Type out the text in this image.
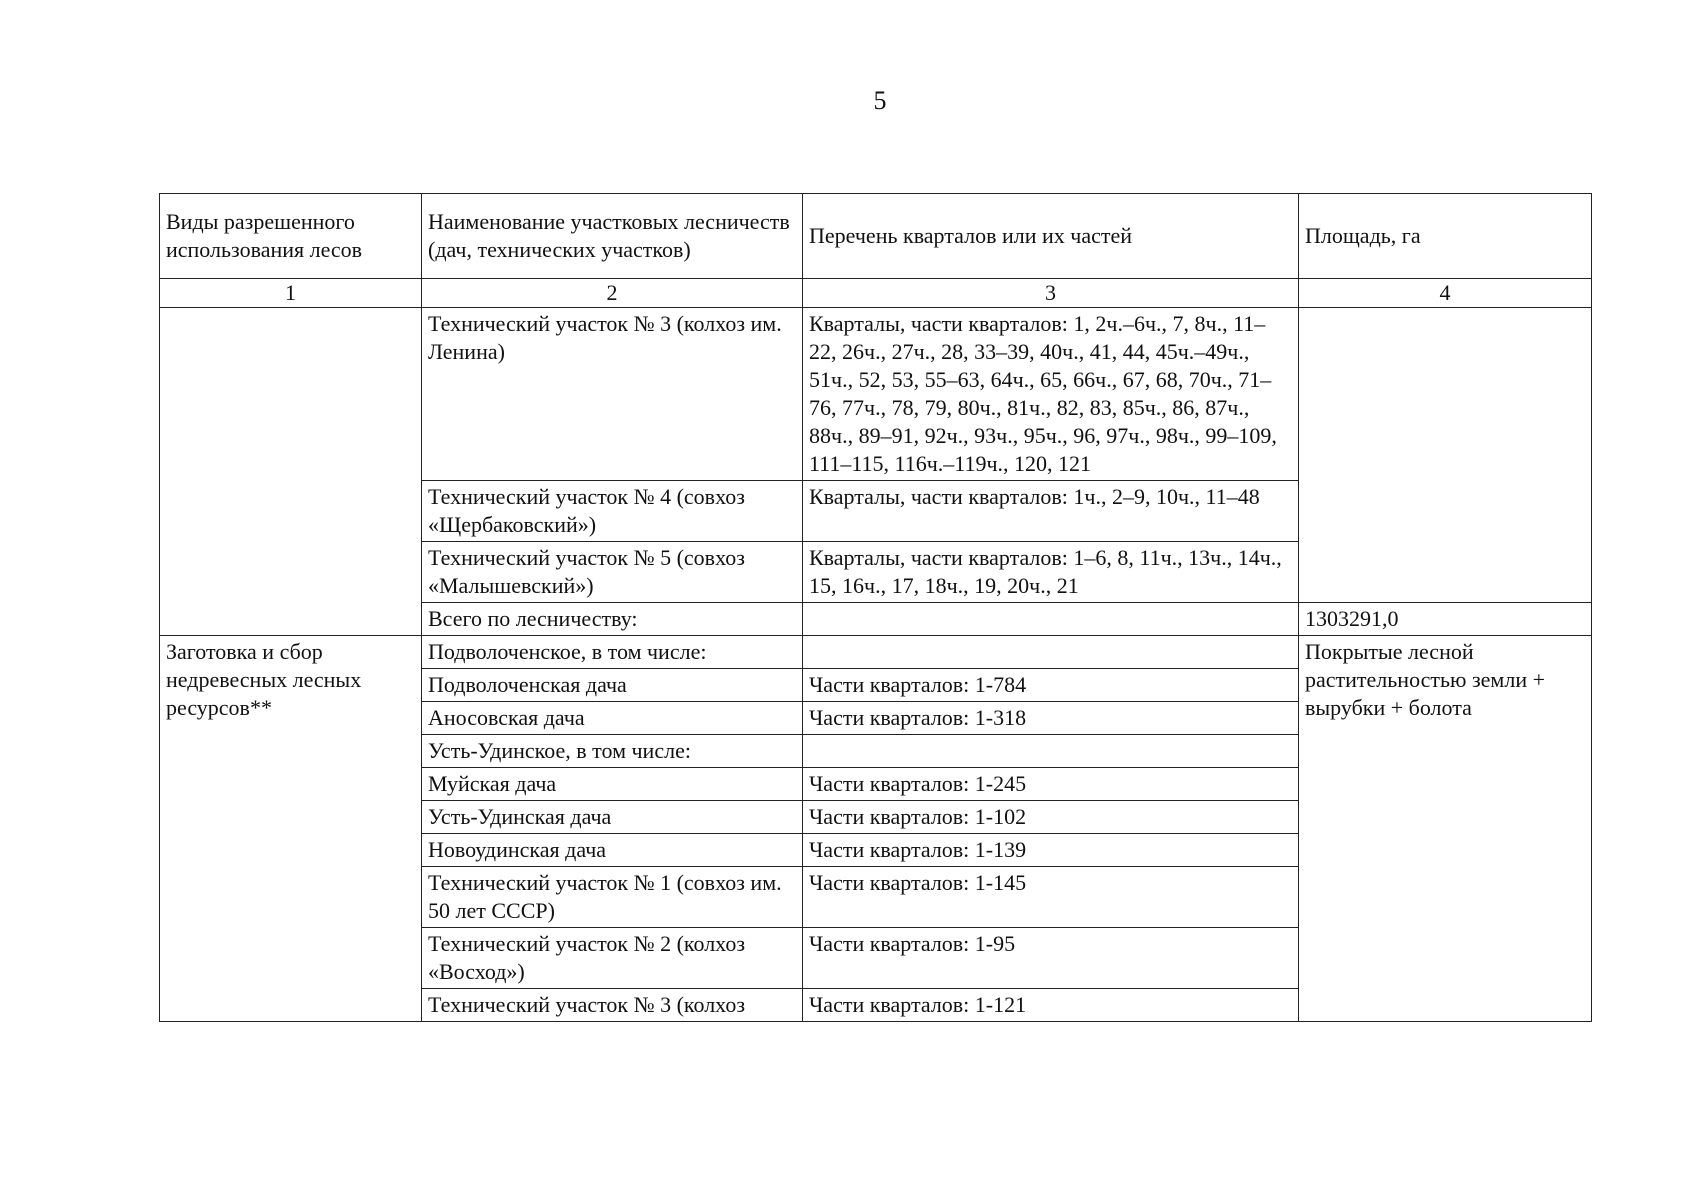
5
Виды разрешенного использования лесов	Наименование участковых лесничеств (дач, технических участков)	Перечень кварталов или их частей	Площадь, га
1	2	3	4
	Технический участок № 3 (колхоз им. Ленина)	Кварталы, части кварталов: 1, 2ч.–6ч., 7, 8ч., 11–22, 26ч., 27ч., 28, 33–39, 40ч., 41, 44, 45ч.–49ч., 51ч., 52, 53, 55–63, 64ч., 65, 66ч., 67, 68, 70ч., 71–76, 77ч., 78, 79, 80ч., 81ч., 82, 83, 85ч., 86, 87ч., 88ч., 89–91, 92ч., 93ч., 95ч., 96, 97ч., 98ч., 99–109, 111–115, 116ч.–119ч., 120, 121	
	Технический участок № 4 (совхоз «Щербаковский»)	Кварталы, части кварталов: 1ч., 2–9, 10ч., 11–48	
	Технический участок № 5 (совхоз «Малышевский»)	Кварталы, части кварталов: 1–6, 8, 11ч., 13ч., 14ч., 15, 16ч., 17, 18ч., 19, 20ч., 21	
	Всего по лесничеству:		1303291,0
Заготовка и сбор недревесных лесных ресурсов**	Подволоченское, в том числе:		Покрытые лесной растительностью земли + вырубки + болота
	Подволоченская дача	Части кварталов: 1-784	
	Аносовская дача	Части кварталов: 1-318	
	Усть-Удинское, в том числе:		
	Муйская дача	Части кварталов: 1-245	
	Усть-Удинская дача	Части кварталов: 1-102	
	Новоудинская дача	Части кварталов: 1-139	
	Технический участок № 1 (совхоз им. 50 лет СССР)	Части кварталов: 1-145	
	Технический участок № 2 (колхоз «Восход»)	Части кварталов: 1-95	
	Технический участок № 3 (колхоз	Части кварталов: 1-121	
